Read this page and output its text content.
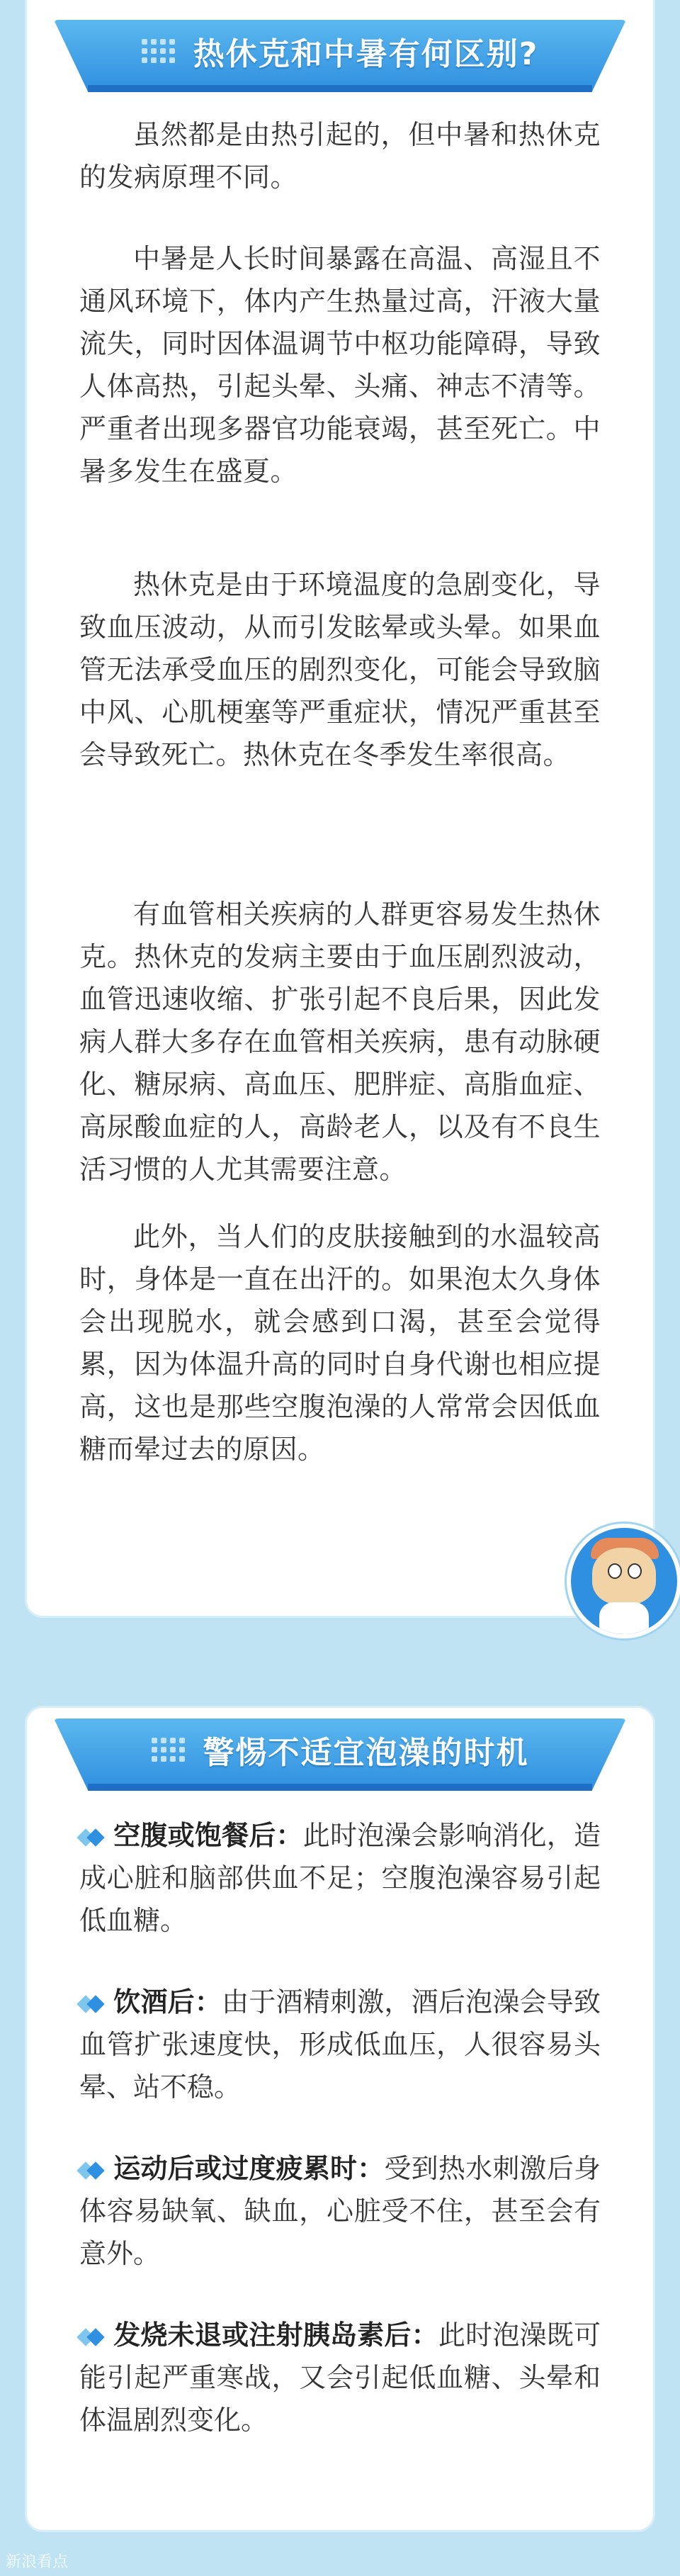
热休克和中暑有何区别?

虽然都是由热引起的，但中暑和热休克的发病原理不同。

中暑是人长时间暴露在高温、高湿且不通风环境下，体内产生热量过高，汗液大量流失，同时因体温调节中枢功能障碍，导致人体高热，引起头晕、头痛、神志不清等。严重者出现多器官功能衰竭，甚至死亡。中暑多发生在盛夏。

热休克是由于环境温度的急剧变化，导致血压波动，从而引发眩晕或头晕。如果血管无法承受血压的剧烈变化，可能会导致脑中风、心肌梗塞等严重症状，情况严重甚至会导致死亡。热休克在冬季发生率很高。

有血管相关疾病的人群更容易发生热休克。热休克的发病主要由于血压剧烈波动，血管迅速收缩、扩张引起不良后果，因此发病人群大多存在血管相关疾病，患有动脉硬化、糖尿病、高血压、肥胖症、高脂血症、高尿酸血症的人，高龄老人，以及有不良生活习惯的人尤其需要注意。

此外，当人们的皮肤接触到的水温较高时，身体是一直在出汗的。如果泡太久身体会出现脱水，就会感到口渴，甚至会觉得累，因为体温升高的同时自身代谢也相应提高，这也是那些空腹泡澡的人常常会因低血糖而晕过去的原因。

警惕不适宜泡澡的时机

空腹或饱餐后：此时泡澡会影响消化，造成心脏和脑部供血不足；空腹泡澡容易引起低血糖。

饮酒后：由于酒精刺激，酒后泡澡会导致血管扩张速度快，形成低血压，人很容易头晕、站不稳。

运动后或过度疲累时：受到热水刺激后身体容易缺氧、缺血，心脏受不住，甚至会有意外。

发烧未退或注射胰岛素后：此时泡澡既可能引起严重寒战，又会引起低血糖、头晕和体温剧烈变化。

新浪看点
